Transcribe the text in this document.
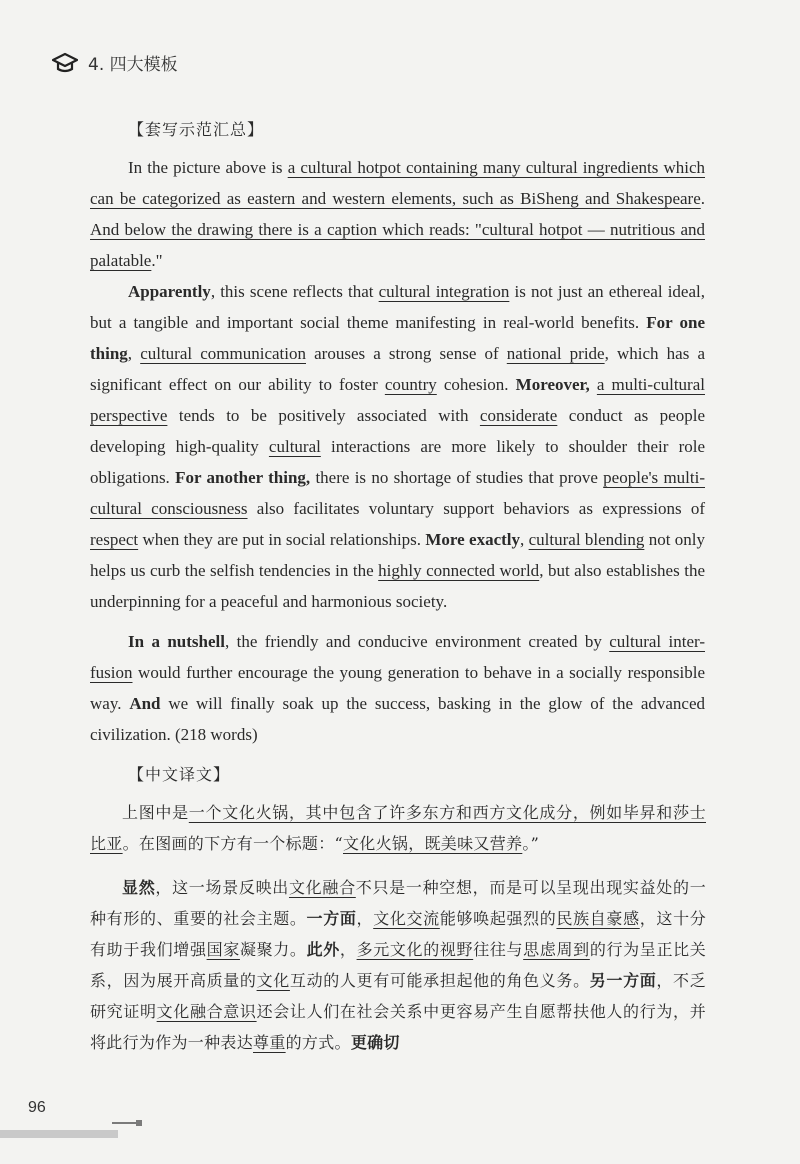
4. 四大模板
【套写示范汇总】

In the picture above is a cultural hotpot containing many cultural ingredients which can be categorized as eastern and western elements, such as BiSheng and Shakespeare. And below the drawing there is a caption which reads: "cultural hotpot — nutritious and palatable."

Apparently, this scene reflects that cultural integration is not just an ethereal ideal, but a tangible and important social theme manifesting in real-world benefits. For one thing, cultural communication arouses a strong sense of national pride, which has a significant effect on our ability to foster country cohesion. Moreover, a multi-cultural perspective tends to be positively associated with considerate conduct as people developing high-quality cultural interactions are more likely to shoulder their role obligations. For another thing, there is no shortage of studies that prove people's multi-cultural consciousness also facilitates voluntary support behaviors as expressions of respect when they are put in social relationships. More exactly, cultural blending not only helps us curb the selfish tendencies in the highly connected world, but also establishes the underpinning for a peaceful and harmonious society.

In a nutshell, the friendly and conducive environment created by cultural inter-fusion would further encourage the young generation to behave in a socially responsible way. And we will finally soak up the success, basking in the glow of the advanced civilization. (218 words)

【中文译文】

上图中是一个文化火锅，其中包含了许多东方和西方文化成分，例如毕昇和莎士比亚。在图画的下方有一个标题：“文化火锅，既美味又营养。”

显然，这一场景反映出文化融合不只是一种空想，而是可以呈现出现实益处的一种有形的、重要的社会主题。一方面，文化交流能够唤起强烈的民族自豪感，这十分有助于我们增强国家凝聚力。此外，多元文化的视野往往与思虑周到的行为呈正比关系，因为展开高质量的文化互动的人更有可能承担起他的角色义务。另一方面，不乏研究证明文化融合意识还会让人们在社会关系中更容易产生自愿帮扶他人的行为，并将此行为作为一种表达尊重的方式。更确切

96
